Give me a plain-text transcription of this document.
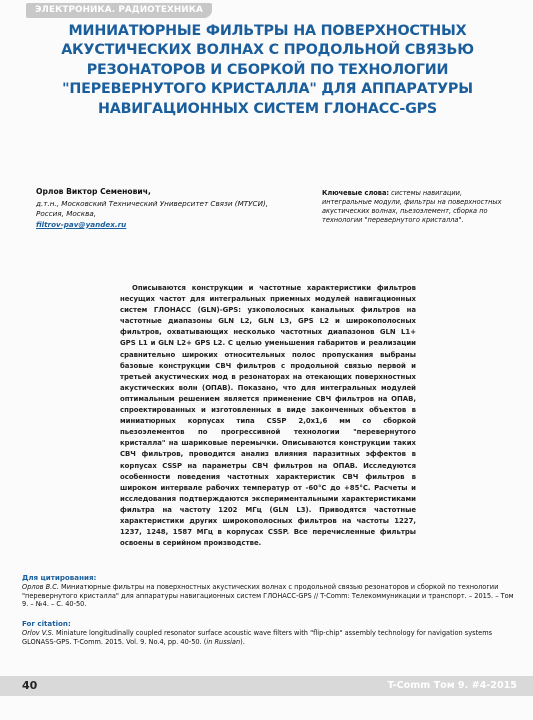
ЭЛЕКТРОНИКА. РАДИОТЕХНИКА
МИНИАТЮРНЫЕ ФИЛЬТРЫ НА ПОВЕРХНОСТНЫХ
АКУСТИЧЕСКИХ ВОЛНАХ С ПРОДОЛЬНОЙ СВЯЗЬЮ
РЕЗОНАТОРОВ И СБОРКОЙ ПО ТЕХНОЛОГИИ
"ПЕРЕВЕРНУТОГО КРИСТАЛЛА" ДЛЯ АППАРАТУРЫ
НАВИГАЦИОННЫХ СИСТЕМ ГЛОНАСС-GPS
Орлов Виктор Семенович,
д.т.н., Московский Технический Университет Связи (МТУСИ),
Россия, Москва,
filtrov-pav@yandex.ru
Ключевые слова: системы навигации, интегральные модули, фильтры на поверхностных акустических волнах, пьезоэлемент, сборка по технологии "перевернутого кристалла".

Описываются конструкции и частотные характеристики фильтров несущих частот для интегральных приемных модулей навигационных систем ГЛОНАСС (GLN)-GPS: узкополосных канальных фильтров на частотные диапазоны GLN L2, GLN L3, GPS L2 и широкополосных фильтров, охватывающих несколько частотных диапазонов GLN L1+ GPS L1 и GLN L2+ GPS L2. С целью уменьшения габаритов и реализации сравнительно широких относительных полос пропускания выбраны базовые конструкции СВЧ фильтров с продольной связью первой и третьей акустических мод в резонаторах на отекающих поверхностных акустических волн (ОПАВ). Показано, что для интегральных модулей оптимальным решением является применение СВЧ фильтров на ОПАВ, спроектированных и изготовленных в виде законченных объектов в миниатюрных корпусах типа CSSP 2,0x1,6 мм со сборкой пьезоэлементов по прогрессивной технологии "перевернутого кристалла" на шариковые перемычки. Описываются конструкции таких СВЧ фильтров, проводится анализ влияния паразитных эффектов в корпусах CSSP на параметры СВЧ фильтров на ОПАВ. Исследуются особенности поведения частотных характеристик СВЧ фильтров в широком интервале рабочих температур от -60°С до +85°С. Расчеты и исследования подтверждаются экспериментальными характеристиками фильтра на частоту 1202 МГц (GLN L3). Приводятся частотные характеристики других широкополосных фильтров на частоты 1227, 1237, 1248, 1587 МГц в корпусах CSSP. Все перечисленные фильтры освоены в серийном производстве.

Для цитирования:
Орлов В.С. Миниатюрные фильтры на поверхностных акустических волнах с продольной связью резонаторов и сборкой по технологии "перевернутого кристалла" для аппаратуры навигационных систем ГЛОНАСС-GPS // T-Comm: Телекоммуникации и транспорт. – 2015. – Том 9. – №4. – С. 40-50.
For citation:
Orlov V.S. Miniature longitudinally coupled resonator surface acoustic wave filters with "flip-chip" assembly technology for navigation systems GLONASS-GPS. T-Comm. 2015. Vol. 9. No.4, pp. 40-50. (in Russian).
40	T-Comm Том 9. #4-2015
